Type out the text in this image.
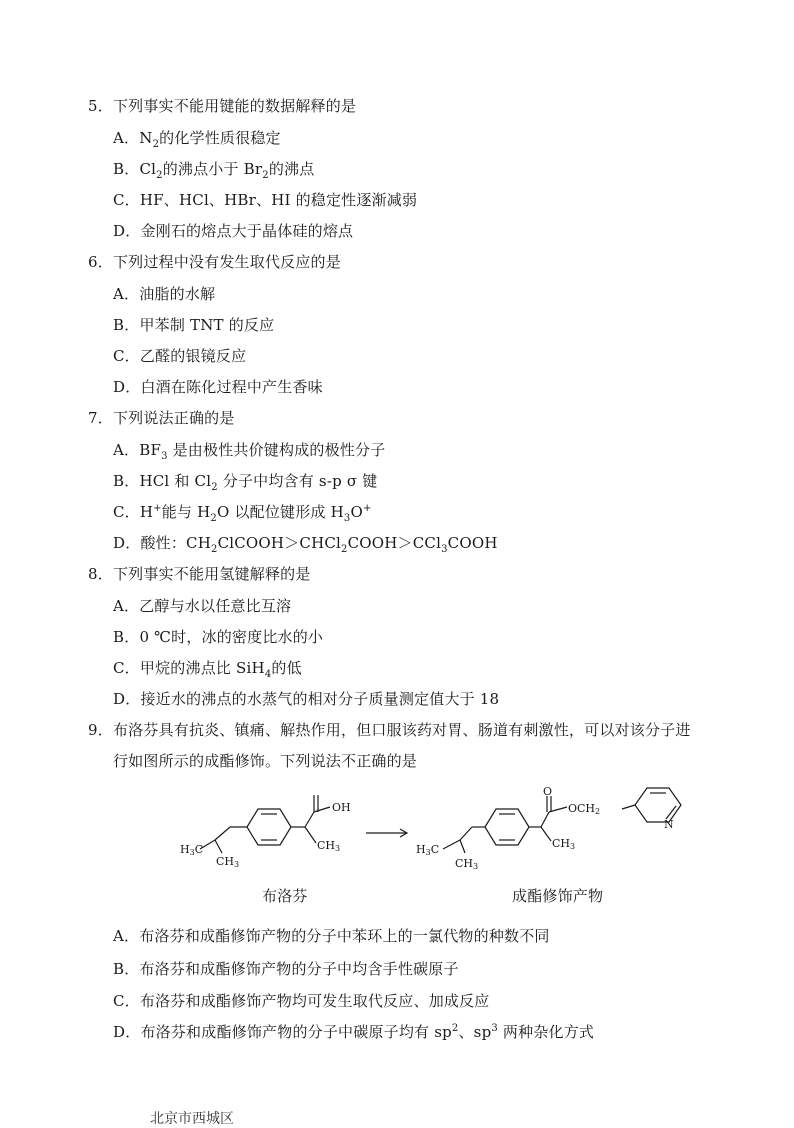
5．下列事实不能用键能的数据解释的是
A．$N_2$的化学性质很稳定
B．$Cl_2$的沸点小于 $Br_2$的沸点
C．HF、HCl、HBr、HI 的稳定性逐渐减弱
D．金刚石的熔点大于晶体硅的熔点
6．下列过程中没有发生取代反应的是
A．油脂的水解
B．甲苯制 TNT 的反应
C．乙醛的银镜反应
D．白酒在陈化过程中产生香味
7．下列说法正确的是
A．$BF_3$ 是由极性共价键构成的极性分子
B．HCl 和 $Cl_2$ 分子中均含有 s-p σ 键
C．H+能与 $H_2O$ 以配位键形成 $H_3O^+$
D．酸性：$CH_2ClCOOH>CHCl_2COOH>CCl_3COOH$
8．下列事实不能用氢键解释的是
A．乙醇与水以任意比互溶
B．0 ℃时，冰的密度比水的小
C．甲烷的沸点比 SiH$_4$的低
D．接近水的沸点的水蒸气的相对分子质量测定值大于 18
9．布洛芬具有抗炎、镇痛、解热作用，但口服该药对胃、肠道有刺激性，可以对该分子进
行如图所示的成酯修饰。下列说法不正确的是
OH
CH3
H3C
CH3
O
OCH2
CH3
H3C
CH3
N
布洛芬	成酯修饰产物
A．布洛芬和成酯修饰产物的分子中苯环上的一氯代物的种数不同
B．布洛芬和成酯修饰产物的分子中均含手性碳原子
C．布洛芬和成酯修饰产物均可发生取代反应、加成反应
D．布洛芬和成酯修饰产物的分子中碳原子均有 $sp^2$、$sp^3$ 两种杂化方式
北京市西城区
